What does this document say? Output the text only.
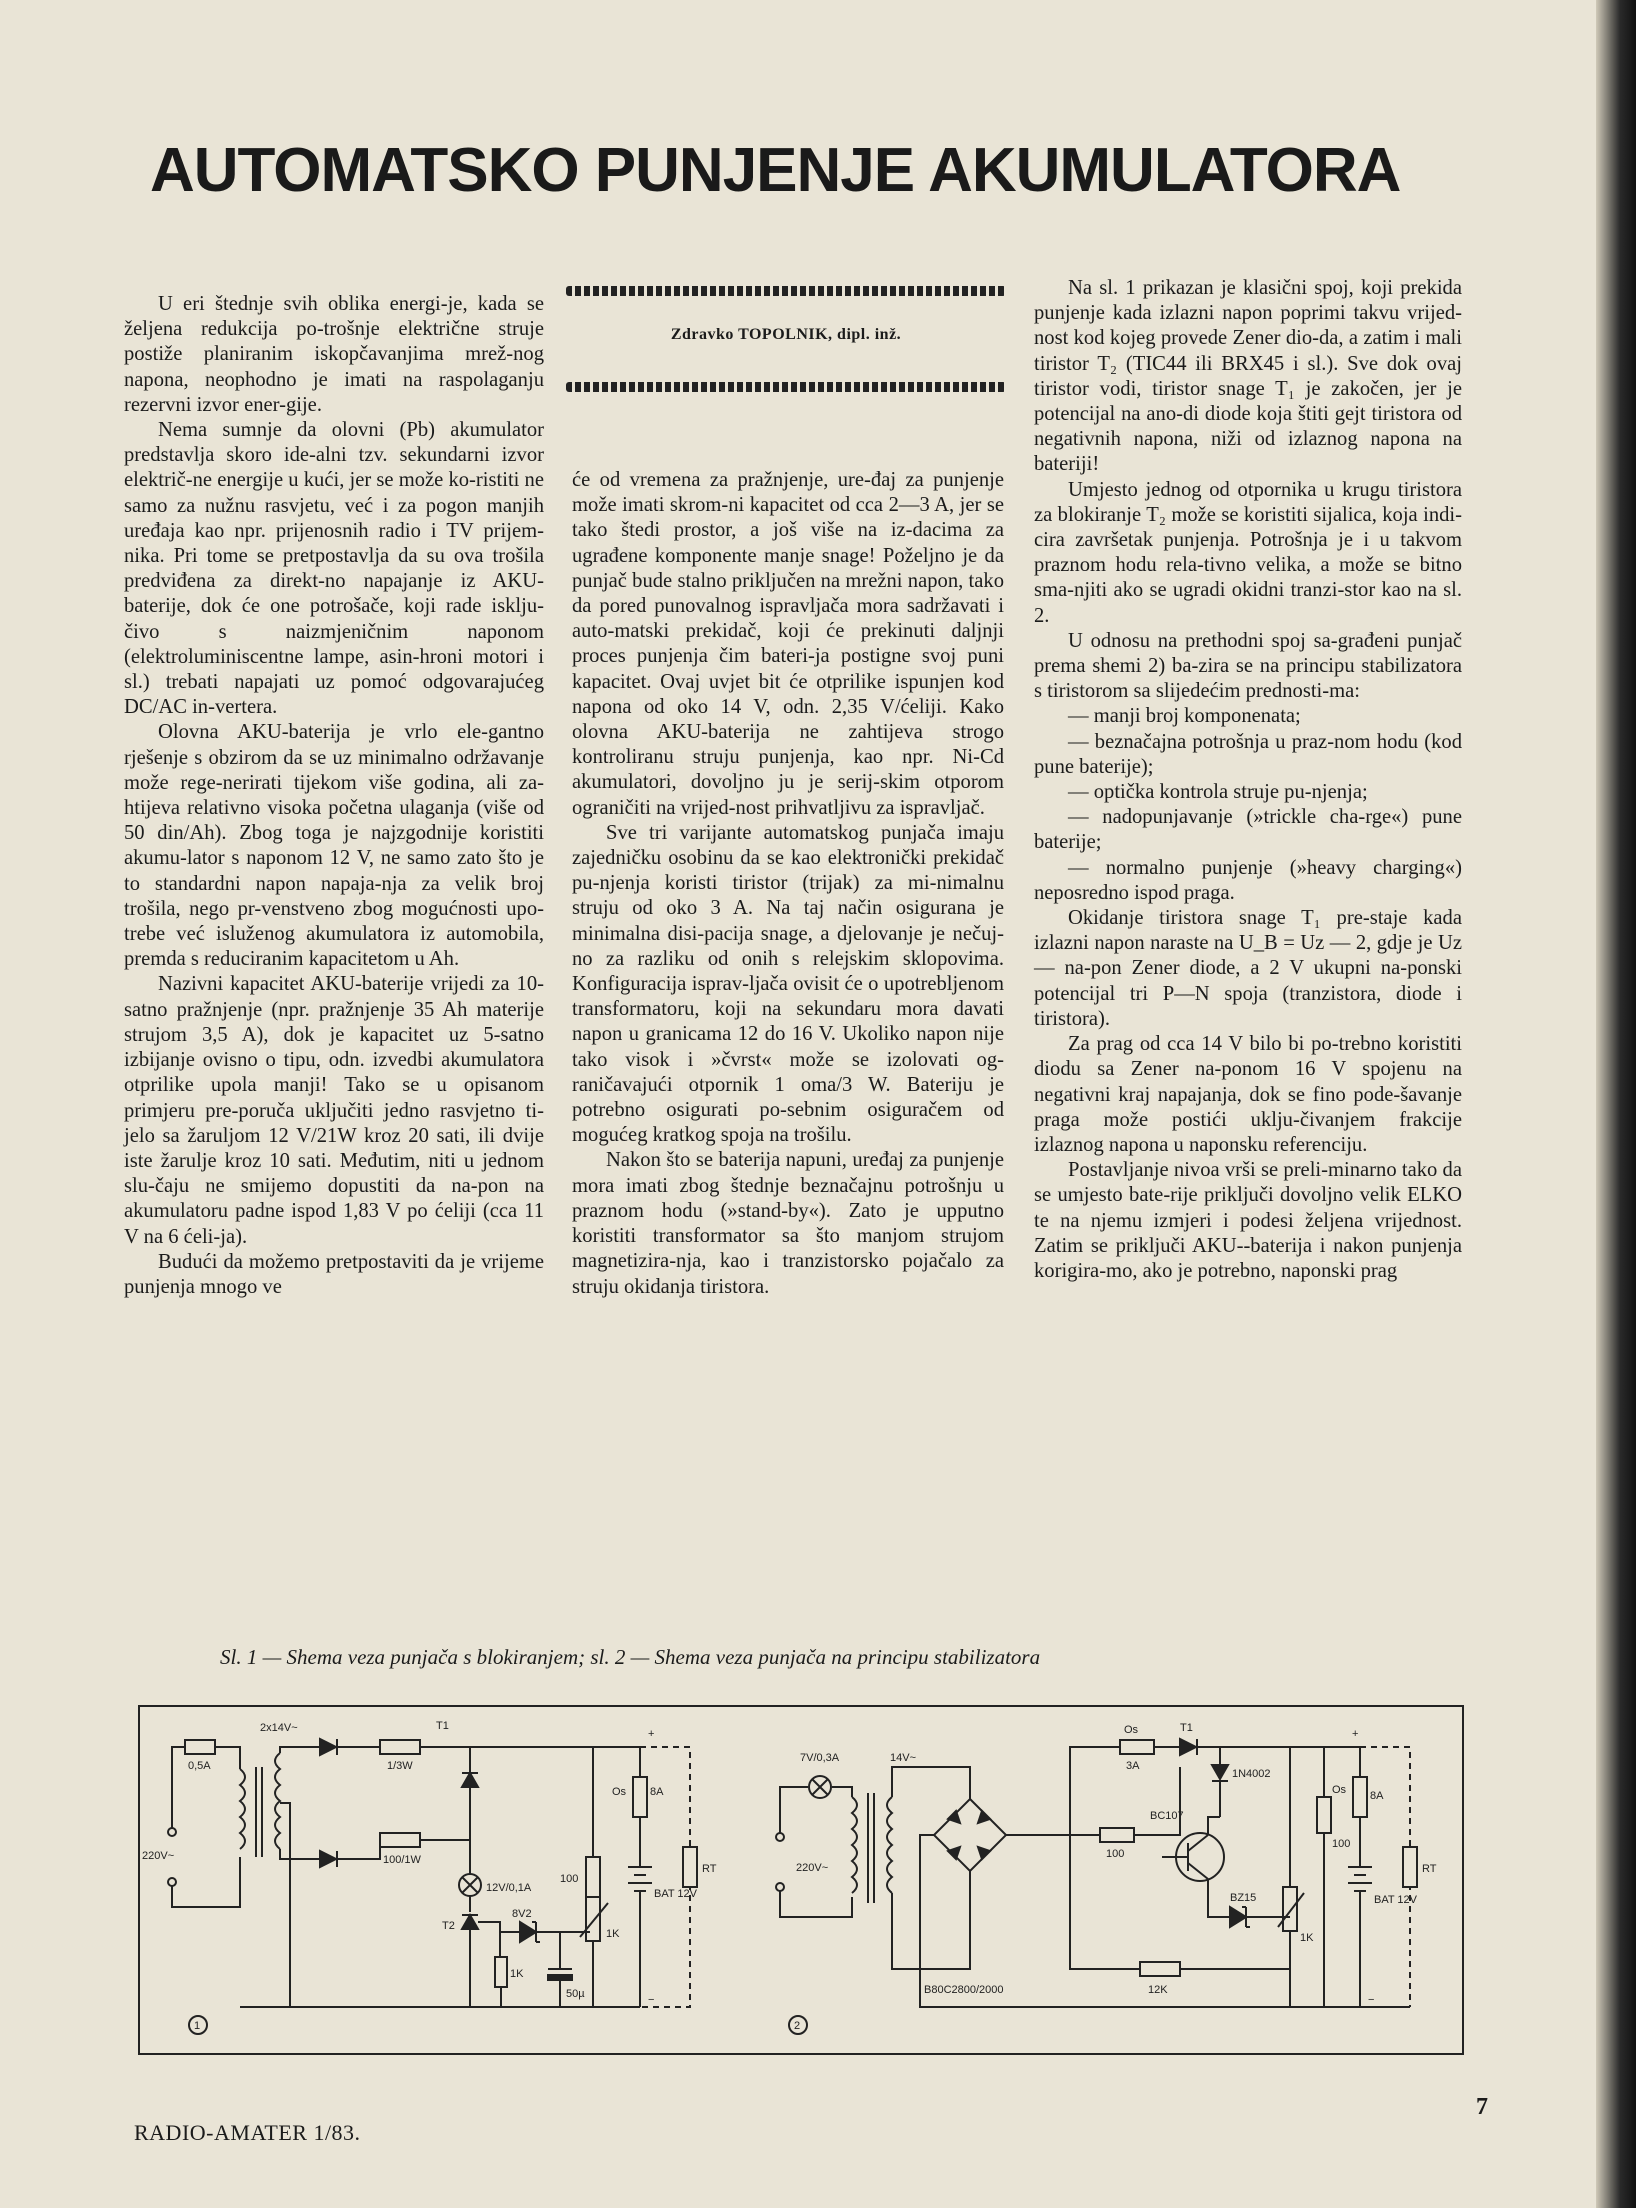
AUTOMATSKO PUNJENJE AKUMULATORA

U eri štednje svih oblika energi-je, kada se željena redukcija po-trošnje električne struje postiže planiranim iskopčavanjima mrež-nog napona, neophodno je imati na raspolaganju rezervni izvor ener-gije.

Nema sumnje da olovni (Pb) akumulator predstavlja skoro ide-alni tzv. sekundarni izvor električ-ne energije u kući, jer se može ko-ristiti ne samo za nužnu rasvjetu, već i za pogon manjih uređaja kao npr. prijenosnih radio i TV prijem-nika. Pri tome se pretpostavlja da su ova trošila predviđena za direkt-no napajanje iz AKU-baterije, dok će one potrošače, koji rade isklju-čivo s naizmjeničnim naponom (elektroluminiscentne lampe, asin-hroni motori i sl.) trebati napajati uz pomoć odgovarajućeg DC/AC in-vertera.

Olovna AKU-baterija je vrlo ele-gantno rješenje s obzirom da se uz minimalno održavanje može rege-nerirati tijekom više godina, ali za-htijeva relativno visoka početna ulaganja (više od 50 din/Ah). Zbog toga je najzgodnije koristiti akumu-lator s naponom 12 V, ne samo zato što je to standardni napon napaja-nja za velik broj trošila, nego pr-venstveno zbog mogućnosti upo-trebe već isluženog akumulatora iz automobila, premda s reduciranim kapacitetom u Ah.

Nazivni kapacitet AKU-baterije vrijedi za 10-satno pražnjenje (npr. pražnjenje 35 Ah materije strujom 3,5 A), dok je kapacitet uz 5-satno izbijanje ovisno o tipu, odn. izvedbi akumulatora otprilike upola manji! Tako se u opisanom primjeru pre-poruča uključiti jedno rasvjetno ti-jelo sa žaruljom 12 V/21W kroz 20 sati, ili dvije iste žarulje kroz 10 sati. Međutim, niti u jednom slu-čaju ne smijemo dopustiti da na-pon na akumulatoru padne ispod 1,83 V po ćeliji (cca 11 V na 6 ćeli-ja).

Budući da možemo pretpostaviti da je vrijeme punjenja mnogo ve

Zdravko TOPOLNIK, dipl. inž.

će od vremena za pražnjenje, ure-đaj za punjenje može imati skrom-ni kapacitet od cca 2—3 A, jer se tako štedi prostor, a još više na iz-dacima za ugrađene komponente manje snage! Poželjno je da punjač bude stalno priključen na mrežni napon, tako da pored punovalnog ispravljača mora sadržavati i auto-matski prekidač, koji će prekinuti daljnji proces punjenja čim bateri-ja postigne svoj puni kapacitet. Ovaj uvjet bit će otprilike ispunjen kod napona od oko 14 V, odn. 2,35 V/ćeliji. Kako olovna AKU-baterija ne zahtijeva strogo kontroliranu struju punjenja, kao npr. Ni-Cd akumulatori, dovoljno ju je serij-skim otporom ograničiti na vrijed-nost prihvatljivu za ispravljač.

Sve tri varijante automatskog punjača imaju zajedničku osobinu da se kao elektronički prekidač pu-njenja koristi tiristor (trijak) za mi-nimalnu struju od oko 3 A. Na taj način osigurana je minimalna disi-pacija snage, a djelovanje je nečuj-no za razliku od onih s relejskim sklopovima. Konfiguracija isprav-ljača ovisit će o upotrebljenom transformatoru, koji na sekundaru mora davati napon u granicama 12 do 16 V. Ukoliko napon nije tako visok i »čvrst« može se izolovati og-raničavajući otpornik 1 oma/3 W. Bateriju je potrebno osigurati po-sebnim osiguračem od mogućeg kratkog spoja na trošilu.

Nakon što se baterija napuni, uređaj za punjenje mora imati zbog štednje beznačajnu potrošnju u praznom hodu (»stand-by«). Zato je upputno koristiti transformator sa što manjom strujom magnetizira-nja, kao i tranzistorsko pojačalo za struju okidanja tiristora.

Na sl. 1 prikazan je klasični spoj, koji prekida punjenje kada izlazni napon poprimi takvu vrijed-nost kod kojeg provede Zener dio-da, a zatim i mali tiristor T₂ (TIC44 ili BRX45 i sl.). Sve dok ovaj tiristor vodi, tiristor snage T₁ je zakočen, jer je potencijal na ano-di diode koja štiti gejt tiristora od negativnih napona, niži od izlaznog napona na bateriji!

Umjesto jednog od otpornika u krugu tiristora za blokiranje T₂ može se koristiti sijalica, koja indi-cira završetak punjenja. Potrošnja je i u takvom praznom hodu rela-tivno velika, a može se bitno sma-njiti ako se ugradi okidni tranzi-stor kao na sl. 2.

U odnosu na prethodni spoj sa-građeni punjač prema shemi 2) ba-zira se na principu stabilizatora s tiristorom sa slijedećim prednosti-ma:

— manji broj komponenata;

— beznačajna potrošnja u praz-nom hodu (kod pune baterije);

— optička kontrola struje pu-njenja;

— nadopunjavanje (»trickle cha-rge«) pune baterije;

— normalno punjenje (»heavy charging«) neposredno ispod praga.

Okidanje tiristora snage T₁ pre-staje kada izlazni napon naraste na U_B = Uz — 2, gdje je Uz — na-pon Zener diode, a 2 V ukupni na-ponski potencijal tri P—N spoja (tranzistora, diode i tiristora).

Za prag od cca 14 V bilo bi po-trebno koristiti diodu sa Zener na-ponom 16 V spojenu na negativni kraj napajanja, dok se fino pode-šavanje praga može postići uklju-čivanjem frakcije izlaznog napona u naponsku referenciju.

Postavljanje nivoa vrši se preli-minarno tako da se umjesto bate-rije priključi dovoljno velik ELKO te na njemu izmjeri i podesi željena vrijednost. Zatim se priključi AKU--baterija i nakon punjenja korigira-mo, ako je potrebno, naponski prag

Sl. 1 — Shema veza punjača s blokiranjem; sl. 2 — Shema veza punjača na principu stabilizatora
0,5A
2x14V~	T1
1/3W
220V~	100/1W
12V/0,1A
T2
8V2
1K
50µ
1K
100
Os 8A
BAT 12V
RT
+
−
1
7V/0,3A	14V~
220V~
B80C2800/2000
Os
3A
T1
1N4002
BC107
100
BZ15
1K
12K
Os
100
8A
BAT 12V
RT
+
−
2
RADIO-AMATER 1/83.
7
